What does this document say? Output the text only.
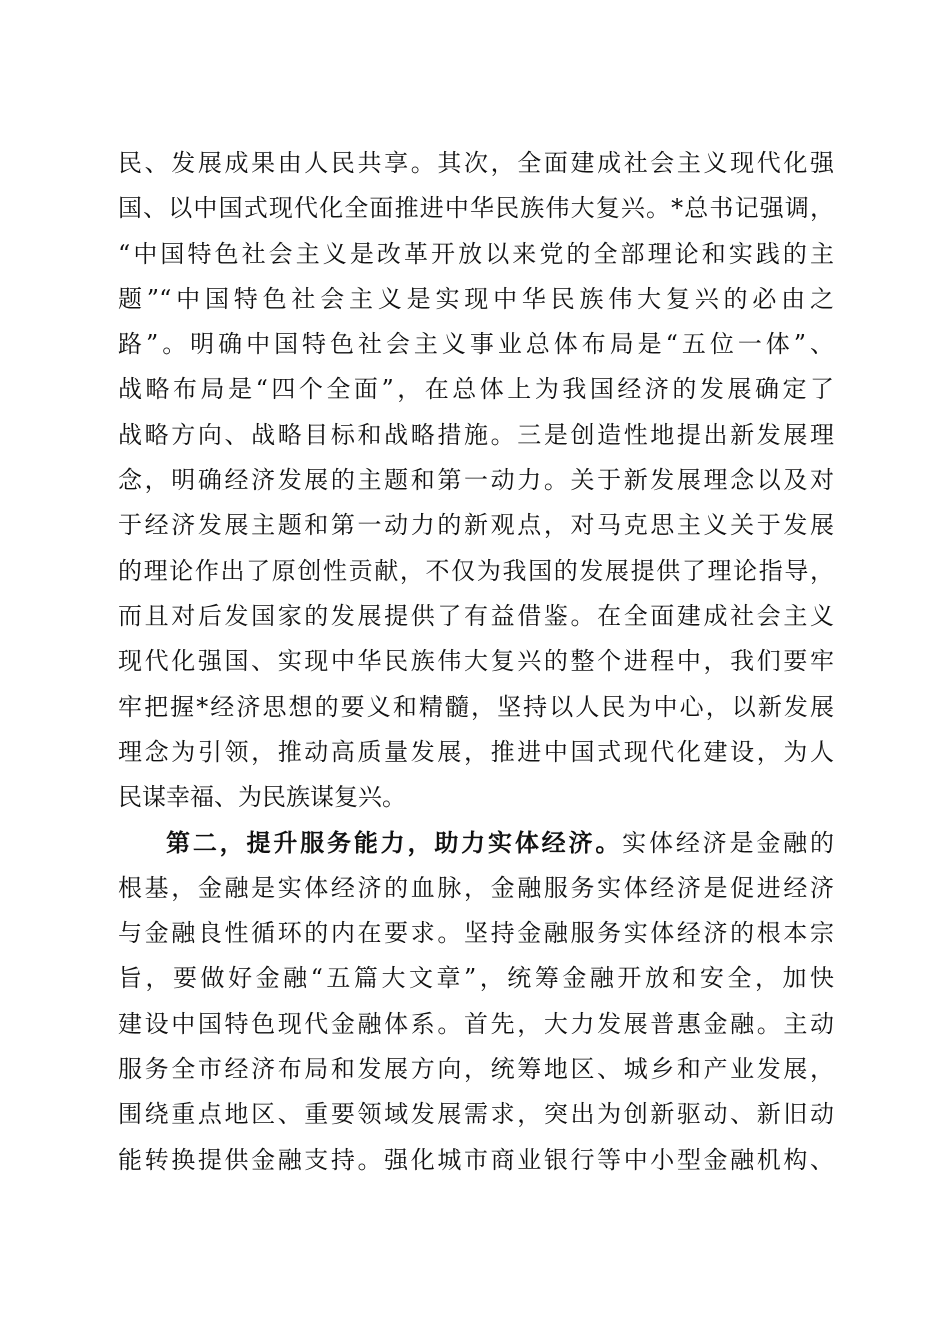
民、发展成果由人民共享。其次，全面建成社会主义现代化强
国、以中国式现代化全面推进中华民族伟大复兴。*总书记强调，
“中国特色社会主义是改革开放以来党的全部理论和实践的主
题”“中国特色社会主义是实现中华民族伟大复兴的必由之
路”。明确中国特色社会主义事业总体布局是“五位一体”、
战略布局是“四个全面”，在总体上为我国经济的发展确定了
战略方向、战略目标和战略措施。三是创造性地提出新发展理
念，明确经济发展的主题和第一动力。关于新发展理念以及对
于经济发展主题和第一动力的新观点，对马克思主义关于发展
的理论作出了原创性贡献，不仅为我国的发展提供了理论指导，
而且对后发国家的发展提供了有益借鉴。在全面建成社会主义
现代化强国、实现中华民族伟大复兴的整个进程中，我们要牢
牢把握*经济思想的要义和精髓，坚持以人民为中心，以新发展
理念为引领，推动高质量发展，推进中国式现代化建设，为人
民谋幸福、为民族谋复兴。
第二，提升服务能力，助力实体经济。实体经济是金融的
根基，金融是实体经济的血脉，金融服务实体经济是促进经济
与金融良性循环的内在要求。坚持金融服务实体经济的根本宗
旨，要做好金融“五篇大文章”，统筹金融开放和安全，加快
建设中国特色现代金融体系。首先，大力发展普惠金融。主动
服务全市经济布局和发展方向，统筹地区、城乡和产业发展，
围绕重点地区、重要领域发展需求，突出为创新驱动、新旧动
能转换提供金融支持。强化城市商业银行等中小型金融机构、
